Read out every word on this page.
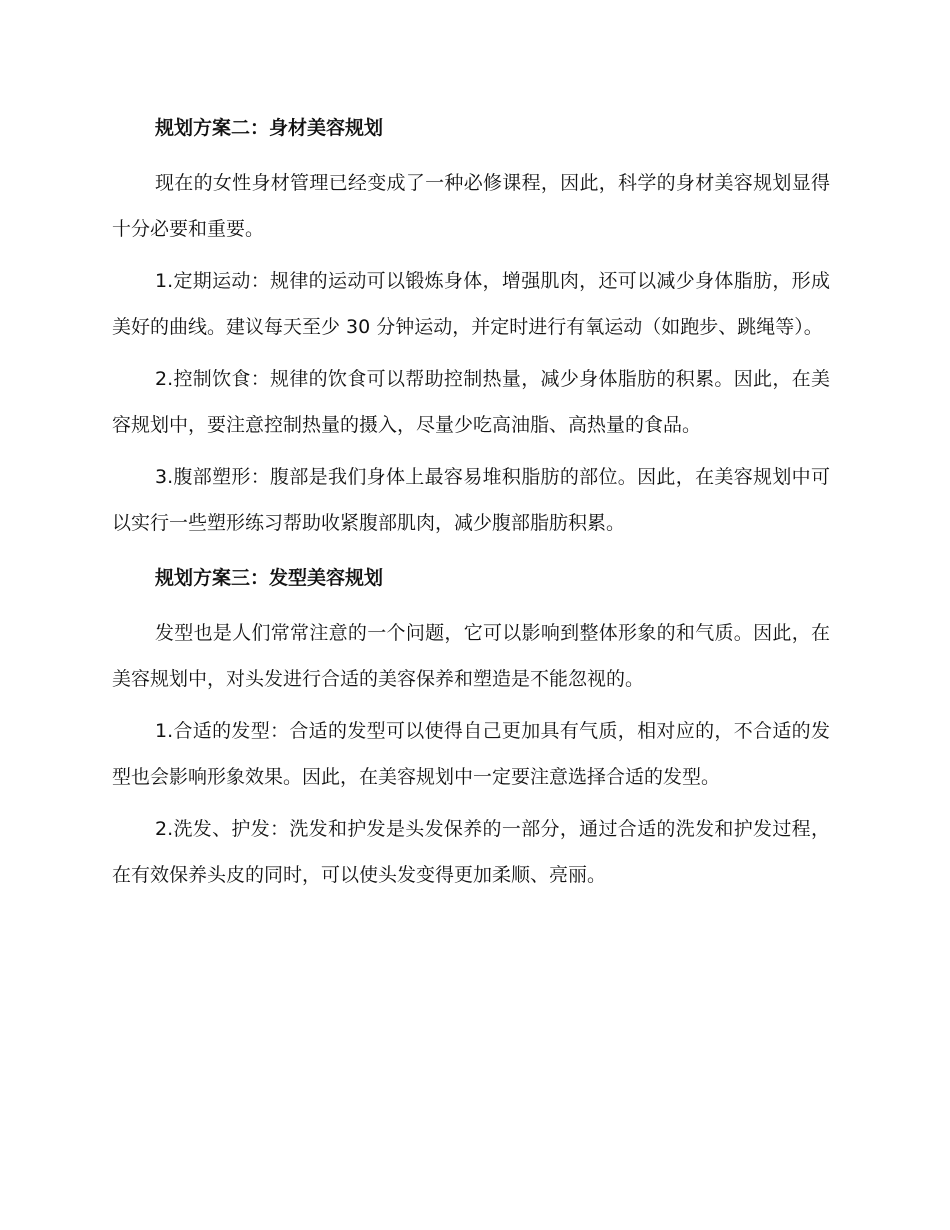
规划方案二：身材美容规划

现在的女性身材管理已经变成了一种必修课程，因此，科学的身材美容规划显得十分必要和重要。

1.定期运动：规律的运动可以锻炼身体，增强肌肉，还可以减少身体脂肪，形成美好的曲线。建议每天至少 30 分钟运动，并定时进行有氧运动（如跑步、跳绳等）。

2.控制饮食：规律的饮食可以帮助控制热量，减少身体脂肪的积累。因此，在美容规划中，要注意控制热量的摄入，尽量少吃高油脂、高热量的食品。

3.腹部塑形：腹部是我们身体上最容易堆积脂肪的部位。因此，在美容规划中可以实行一些塑形练习帮助收紧腹部肌肉，减少腹部脂肪积累。

规划方案三：发型美容规划

发型也是人们常常注意的一个问题，它可以影响到整体形象的和气质。因此，在美容规划中，对头发进行合适的美容保养和塑造是不能忽视的。

1.合适的发型：合适的发型可以使得自己更加具有气质，相对应的，不合适的发型也会影响形象效果。因此，在美容规划中一定要注意选择合适的发型。

2.洗发、护发：洗发和护发是头发保养的一部分，通过合适的洗发和护发过程，在有效保养头皮的同时，可以使头发变得更加柔顺、亮丽。
